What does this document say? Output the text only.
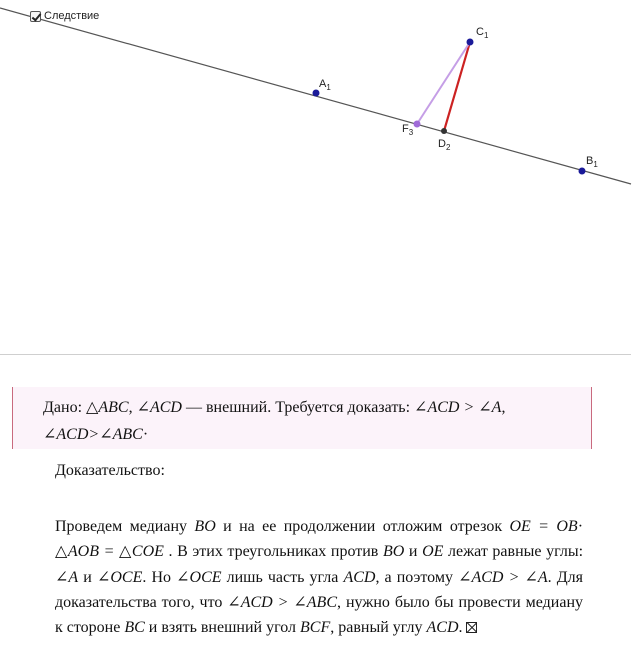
Следствие
$A_1$
$B_1$
$C_1$
$D_2$
$F_3$
Дано: △ABC, ∠ACD — внешний. Требуется доказать: ∠ACD > ∠A,
∠ACD>∠ABC·
Доказательство:
Проведем медиану BO и на ее продолжении отложим отрезок OE = OB· △AOB = △COE . В этих треугольниках против BO и OE лежат равные углы: ∠A и ∠OCE. Но ∠OCE лишь часть угла ACD, а поэтому ∠ACD > ∠A. Для доказательства того, что ∠ACD > ∠ABC, нужно было бы провести медиану к стороне BC и взять внешний угол BCF, равный углу ACD.
